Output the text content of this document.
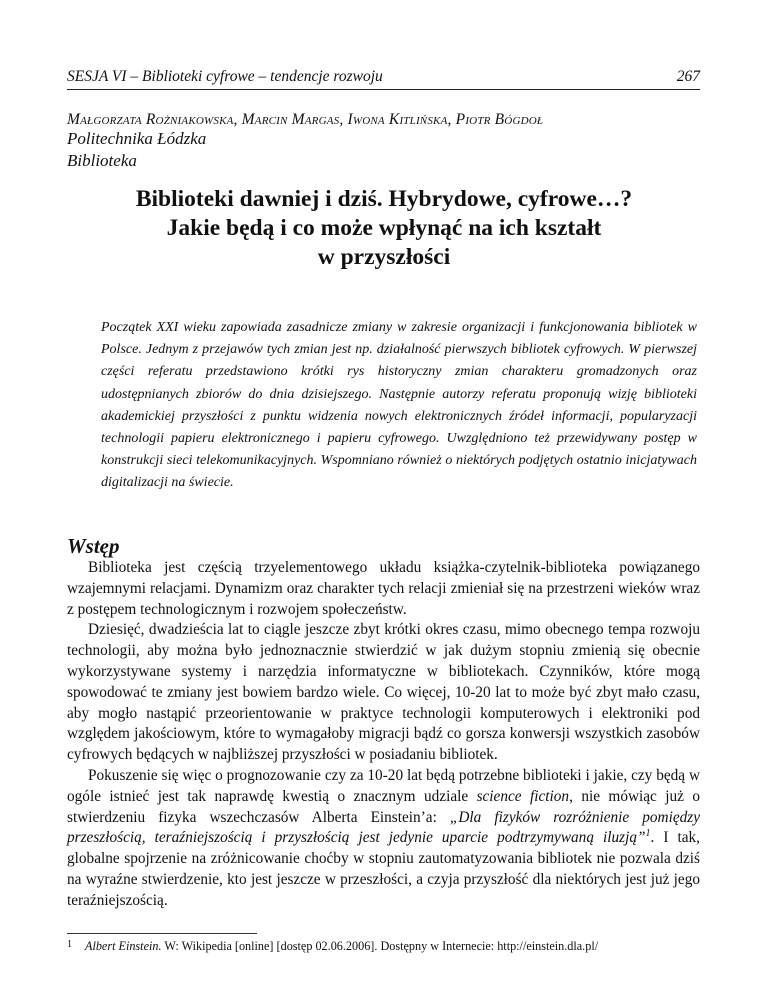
SESJA VI – Biblioteki cyfrowe – tendencje rozwoju	267
Małgorzata Rożniakowska, Marcin Margas, Iwona Kitlińska, Piotr Bógdoł
Politechnika Łódzka
Biblioteka
Biblioteki dawniej i dziś. Hybrydowe, cyfrowe…?
Jakie będą i co może wpłynąć na ich kształt
w przyszłości
Początek XXI wieku zapowiada zasadnicze zmiany w zakresie organizacji i funkcjonowania bibliotek w Polsce. Jednym z przejawów tych zmian jest np. działalność pierwszych bibliotek cyfrowych. W pierwszej części referatu przedstawiono krótki rys historyczny zmian charakteru gromadzonych oraz udostępnianych zbiorów do dnia dzisiejszego. Następnie autorzy referatu proponują wizję biblioteki akademickiej przyszłości z punktu widzenia nowych elektronicznych źródeł informacji, popularyzacji technologii papieru elektronicznego i papieru cyfrowego. Uwzględniono też przewidywany postęp w konstrukcji sieci telekomunikacyjnych. Wspomniano również o niektórych podjętych ostatnio inicjatywach digitalizacji na świecie.
Wstęp

Biblioteka jest częścią trzyelementowego układu książka-czytelnik-biblioteka powiązanego wzajemnymi relacjami. Dynamizm oraz charakter tych relacji zmieniał się na przestrzeni wieków wraz z postępem technologicznym i rozwojem społeczeństw.

Dziesięć, dwadzieścia lat to ciągle jeszcze zbyt krótki okres czasu, mimo obecnego tempa rozwoju technologii, aby można było jednoznacznie stwierdzić w jak dużym stopniu zmienią się obecnie wykorzystywane systemy i narzędzia informatyczne w bibliotekach. Czynników, które mogą spowodować te zmiany jest bowiem bardzo wiele. Co więcej, 10-20 lat to może być zbyt mało czasu, aby mogło nastąpić przeorientowanie w praktyce technologii komputerowych i elektroniki pod względem jakościowym, które to wymagałoby migracji bądź co gorsza konwersji wszystkich zasobów cyfrowych będących w najbliższej przyszłości w posiadaniu bibliotek.

Pokuszenie się więc o prognozowanie czy za 10-20 lat będą potrzebne biblioteki i jakie, czy będą w ogóle istnieć jest tak naprawdę kwestią o znacznym udziale science fiction, nie mówiąc już o stwierdzeniu fizyka wszechczasów Alberta Einstein’a: „Dla fizyków rozróżnienie pomiędzy przeszłością, teraźniejszością i przyszłością jest jedynie uparcie podtrzymywaną iluzją”$^1$. I tak, globalne spojrzenie na zróżnicowanie choćby w stopniu zautomatyzowania bibliotek nie pozwala dziś na wyraźne stwierdzenie, kto jest jeszcze w przeszłości, a czyja przyszłość dla niektórych jest już jego teraźniejszością.

1 Albert Einstein. W: Wikipedia [online] [dostęp 02.06.2006]. Dostępny w Internecie: http://einstein.dla.pl/
